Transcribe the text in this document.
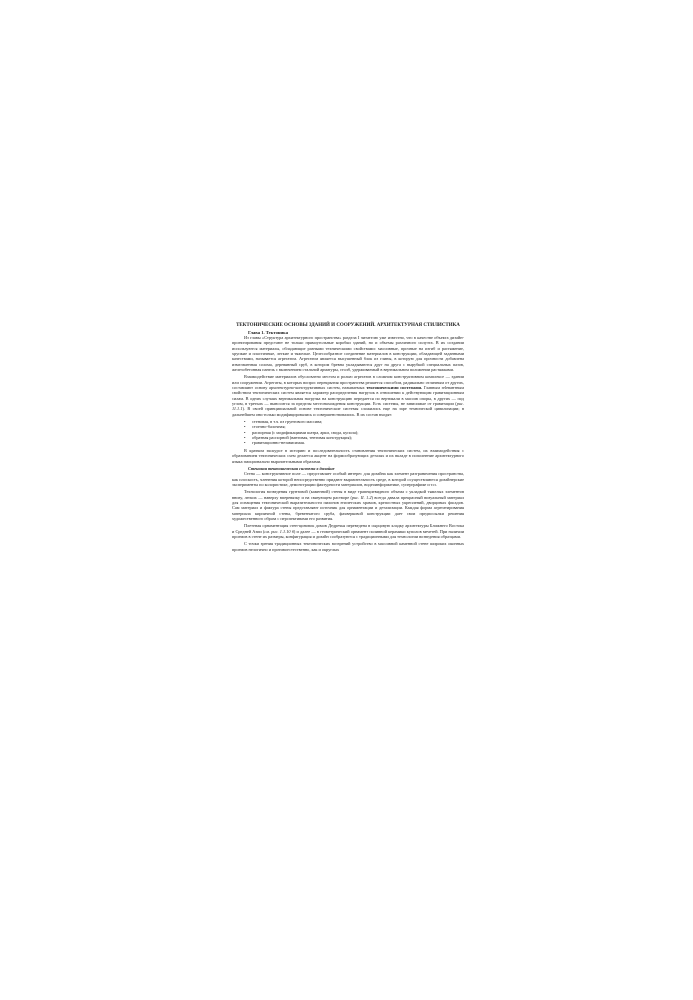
ТЕКТОНИЧЕСКИЕ ОСНОВЫ ЗДАНИЙ И СООРУЖЕНИЙ. АРХИТЕКТУРНАЯ СТИЛИСТИКА

Глава 1. Тектоника

Из главы «Структура архитектурного пространства» раздела I читателю уже известно, что в качестве объекта дизайн-проектирования предстают не только прямоугольные коробки зданий, но и объемы различного силуэта. В их создании используются материалы, обладающие разными техническими свойствами: массивные, прочные на изгиб и растяжение, хрупкие и пластичные, легкие и тяжелые. Целесообразное соединение материалов в конструкции, обладающей заданными качествами, называется агрегатом. Агрегатом является высушенный блок из глины, в которую для прочности добавлена измельченная солома, деревянный сруб, в котором бревна укладываются друг на друга с вырубкой специальных пазов, железобетонная панель с включением стальной арматуры, столб, удерживаемый в вертикальном положении растяжками.

Взаимодействие материалов обусловлено местом и ролью агрегатов в сложном конструктивном комплексе — здании или сооружении. Агрегаты, в которых вопрос перекрытия пространства решается способом, радикально отличным от других, составляют основу архитектурно-конструктивных систем, называемых тектоническими системами. Главным relевантным свойством тектонических систем является характер распределения нагрузок в отношении к действующим гравитационным силам. В одних случаях вертикальная нагрузка на конструкцию передается по вертикали в массив опоры, в других — под углом, в третьих — выносится за пределы местонахождения конструкции. Есть системы, не зависимые от гравитации (рис. 11.1.1). В своей принципиальной основе тектонические системы сложились еще на заре технической цивилизации; в дальнейшем они только модифицировались и совершенствовались. В их состав входят:

• стеновая, в т.ч. из грунтового массива;
• стоечно-балочная;
• распорная (с модификациями шатра, арки, свода, купола);
• обратная распорной (вантовая, тентовая конструкция);
• гравитационно-независимая.

В кратком экскурсе в историю и последовательность становления тектонических систем, их взаимодействия с образованием тектонических схем делается акцент на формообразующих деталях и их вкладе в пополнение архитектурного языка эмоционально выразительными образами.

Стеновая тектоническая система в дизайне

Стена — конструктивное поле — представляет особый интерес для дизайна как элемент разграничения пространства, как плоскость, членения которой непосредственно придают выразительность среде, в которой осуществляются дизайнерские эксперименты по колористике, демонстрации фактурности материалов, видеоинформатике, суперграфике и т.п.

Технология возведения грунтовой (каменной) стены в виде трапециевидного объема с укладкой тяжелых элементов внизу, легких — наверху вперевязку и на связующем растворе (рис. II. 1.2) всегда давала прекрасный визуальный материал для оснащения тектонической выразительности пилонов египетских храмов, крепостных укреплений, дворцовых фасадов. Сам материал и фактура стены представляют источник для орнаментации и детализации. Каждая форма агрегатирования материала кирпичной стены, бревенчатого сруба, фахверковой конструкции дает свои предпосылки решения художественного образа с перспективами его развития.

Плетеная орнаментация стен-циновок домов Дедречья переведена в сырцовую кладку архитектуры Ближнего Востока и Средней Азии (см. рис. 1.1.10 б) и далее — в геометрический орнамент поливной керамики куполов мечетей. При наличии проемов в стене их размеры, конфигурация и дизайн сообразуются с традиционными для технологии возведения образцами.

С точки зрения традиционных тектонических воззрений устройство в массивной каменной стене широких оконных проемов нелогично и противоестественно, как и округлых
